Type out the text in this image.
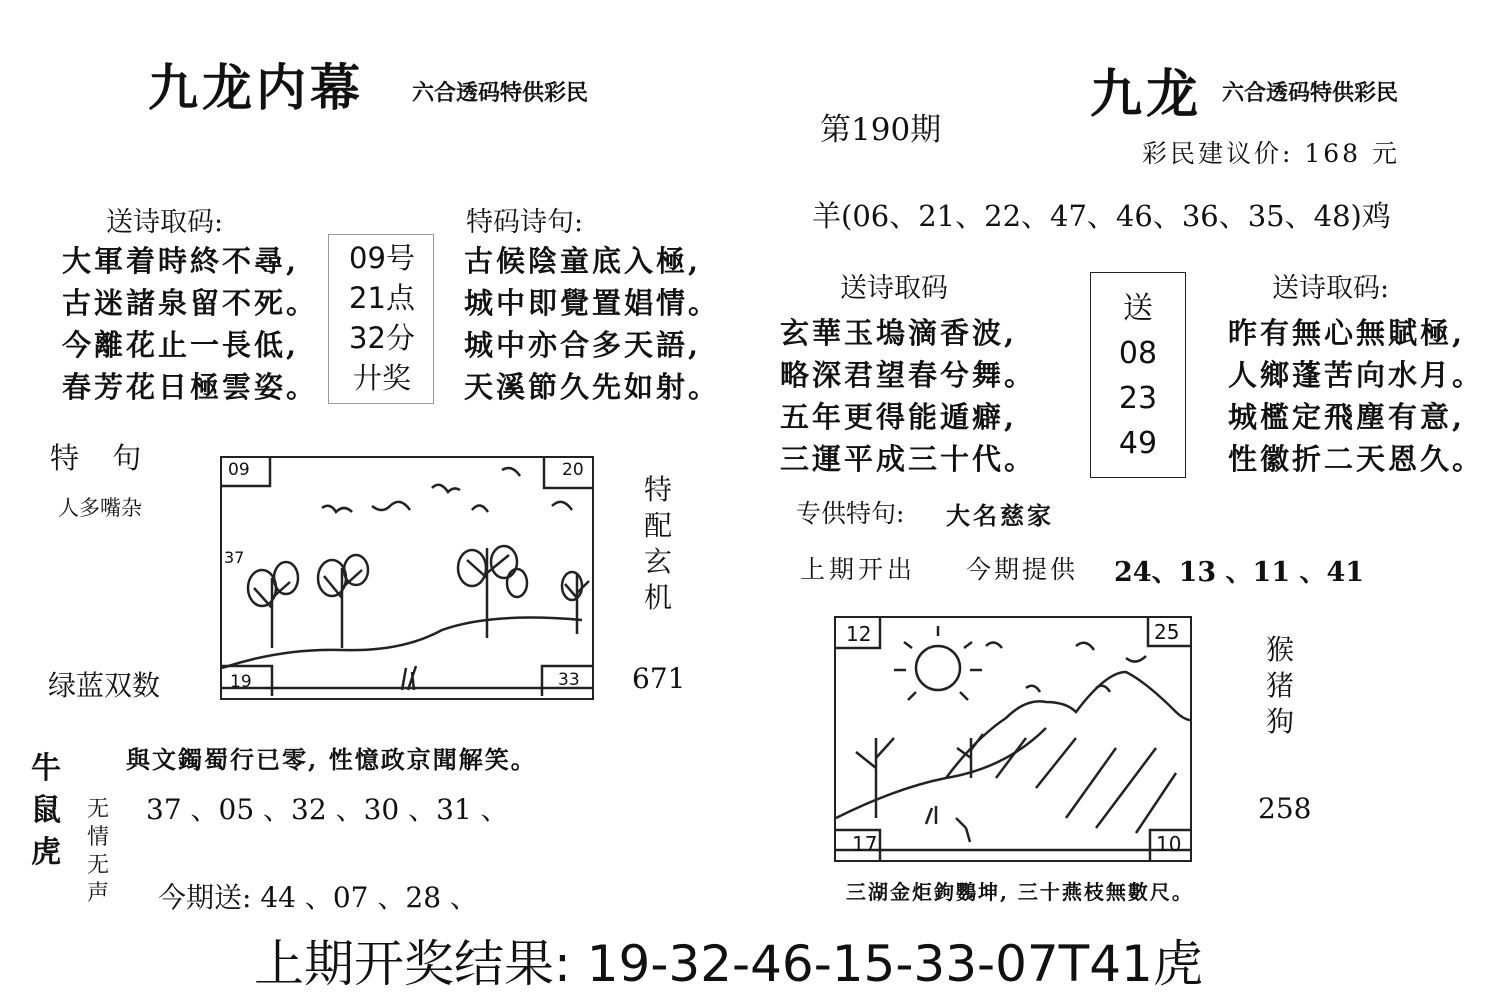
九龙内幕 六合透码特供彩民
送诗取码:
大軍着時終不尋,
古迷諸泉留不死。
今離花止一長低,
春芳花日極雲姿。
09号
21点
32分
廾奖
特码诗句:
古候陰童底入極,
城中即覺置娼情。
城中亦合多天語,
天溪節久先如射。
特 句
人多嘴杂
09	20
19	33
37
特
配
玄
机
671
绿蓝双数
與文鐲蜀行已零, 性憶政京聞解笑。
牛
鼠
虎
无
情
无
声
37 、05 、32 、30 、31 、
今期送: 44 、07 、28 、
九龙 六合透码特供彩民
第190期
彩民建议价: 168 元
羊(06、21、22、47、46、36、35、48)鸡
送诗取码
玄華玉塢滴香波,
略深君望春兮舞。
五年更得能遁癖,
三運平成三十代。
送
08
23
49
送诗取码:
昨有無心無賦極,
人鄉蓬苦向水月。
城檻定飛塵有意,
性徽折二天恩久。
专供特句: 大名慈家
上期开出 今期提供 24、13 、11 、41
12	25
17	10
猴
猪
狗
258
三湖金炬鉤鸚坤, 三十燕枝無數尺。
上期开奖结果: 19-32-46-15-33-07T41虎
